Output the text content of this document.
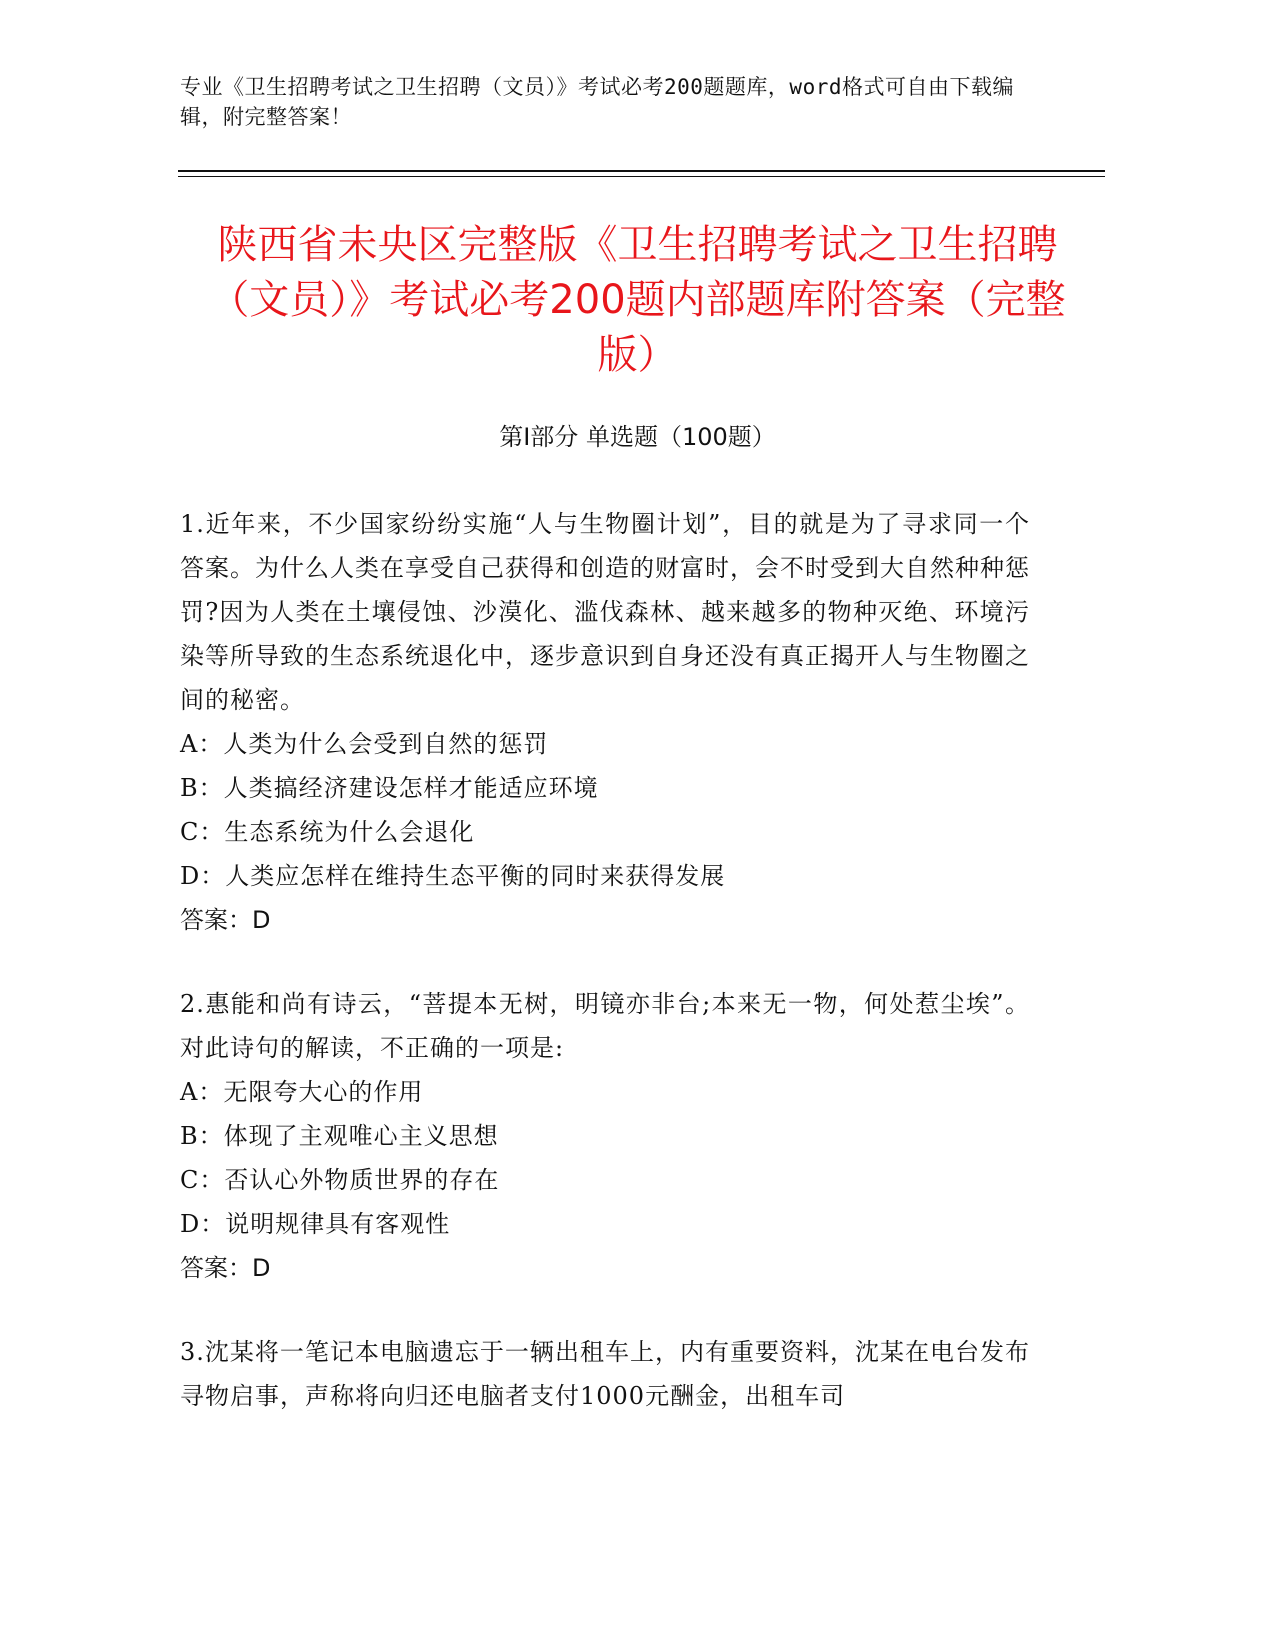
专业《卫生招聘考试之卫生招聘（文员）》考试必考200题题库，word格式可自由下载编辑，附完整答案！
陕西省未央区完整版《卫生招聘考试之卫生招聘（文员）》考试必考200题内部题库附答案（完整版）
第Ⅰ部分 单选题（100题）
1.近年来，不少国家纷纷实施“人与生物圈计划”，目的就是为了寻求同一个答案。为什么人类在享受自己获得和创造的财富时，会不时受到大自然种种惩罚?因为人类在土壤侵蚀、沙漠化、滥伐森林、越来越多的物种灭绝、环境污染等所导致的生态系统退化中，逐步意识到自身还没有真正揭开人与生物圈之间的秘密。
A：人类为什么会受到自然的惩罚
B：人类搞经济建设怎样才能适应环境
C：生态系统为什么会退化
D：人类应怎样在维持生态平衡的同时来获得发展
答案：D
2.惠能和尚有诗云，“菩提本无树，明镜亦非台;本来无一物，何处惹尘埃”。对此诗句的解读，不正确的一项是:
A：无限夸大心的作用
B：体现了主观唯心主义思想
C：否认心外物质世界的存在
D：说明规律具有客观性
答案：D
3.沈某将一笔记本电脑遗忘于一辆出租车上，内有重要资料，沈某在电台发布寻物启事，声称将向归还电脑者支付1000元酬金，出租车司
